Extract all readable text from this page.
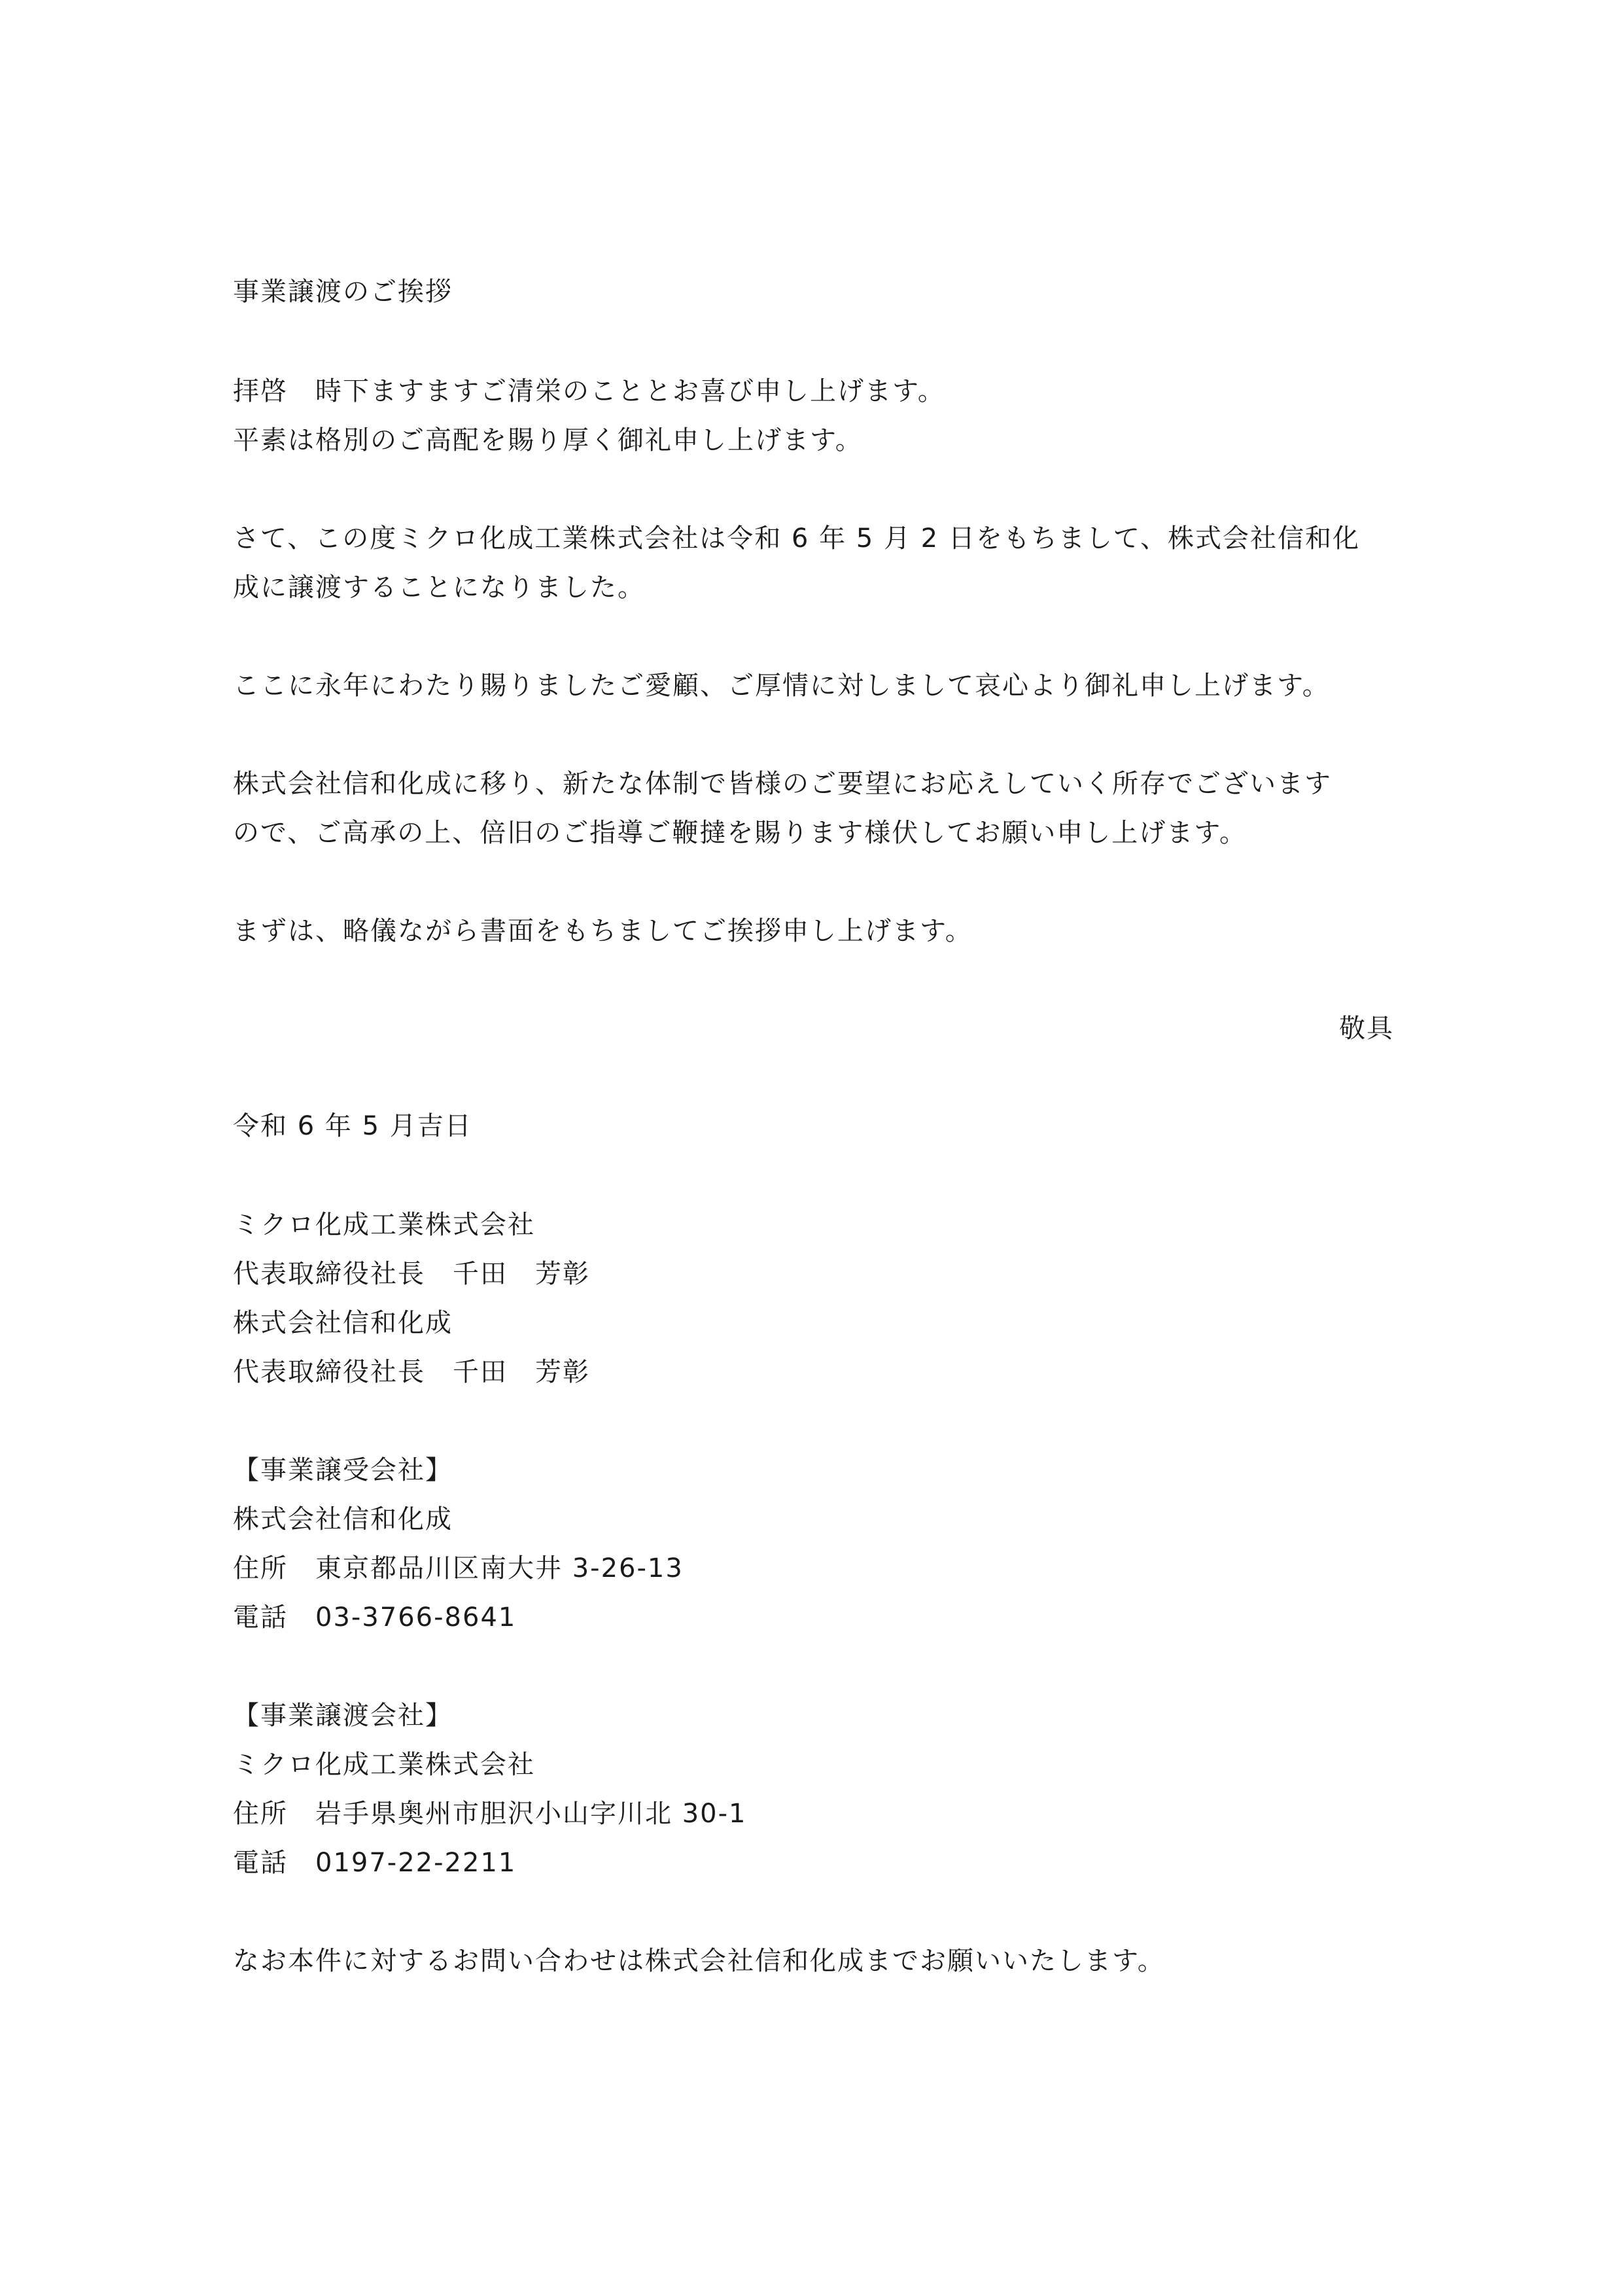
事業譲渡のご挨拶
拝啓　時下ますますご清栄のこととお喜び申し上げます。
平素は格別のご高配を賜り厚く御礼申し上げます。
さて、この度ミクロ化成工業株式会社は令和 6 年 5 月 2 日をもちまして、株式会社信和化
成に譲渡することになりました。
ここに永年にわたり賜りましたご愛顧、ご厚情に対しまして哀心より御礼申し上げます。
株式会社信和化成に移り、新たな体制で皆様のご要望にお応えしていく所存でございます
ので、ご高承の上、倍旧のご指導ご鞭撻を賜ります様伏してお願い申し上げます。
まずは、略儀ながら書面をもちましてご挨拶申し上げます。
敬具
令和 6 年 5 月吉日
ミクロ化成工業株式会社
代表取締役社長　千田　芳彰
株式会社信和化成
代表取締役社長　千田　芳彰
【事業譲受会社】
株式会社信和化成
住所　東京都品川区南大井 3-26-13
電話　03-3766-8641
【事業譲渡会社】
ミクロ化成工業株式会社
住所　岩手県奥州市胆沢小山字川北 30-1
電話　0197-22-2211
なお本件に対するお問い合わせは株式会社信和化成までお願いいたします。
